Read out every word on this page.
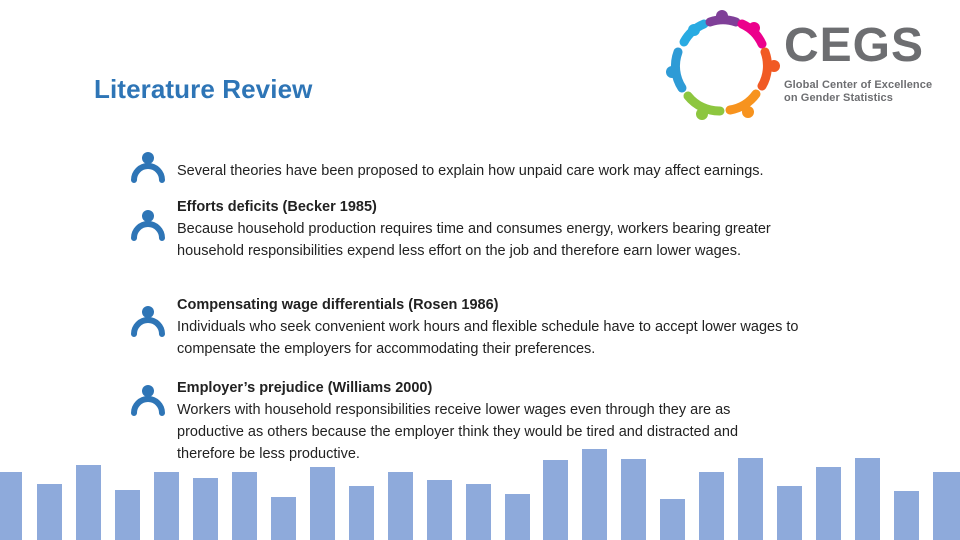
Literature Review
CEGS
Global Center of Excellence
on Gender Statistics
Several theories have been proposed to explain how unpaid care work may affect earnings.
Efforts deficits (Becker 1985)
Because household production requires time and consumes energy, workers bearing greater
household responsibilities expend less effort on the job and therefore earn lower wages.
Compensating wage differentials (Rosen 1986)
Individuals who seek convenient work hours and flexible schedule have to accept lower wages to
compensate the employers for accommodating their preferences.
Employer’s prejudice (Williams 2000)
Workers with household responsibilities receive lower wages even through they are as
productive as others because the employer think they would be tired and distracted and
therefore be less productive.
